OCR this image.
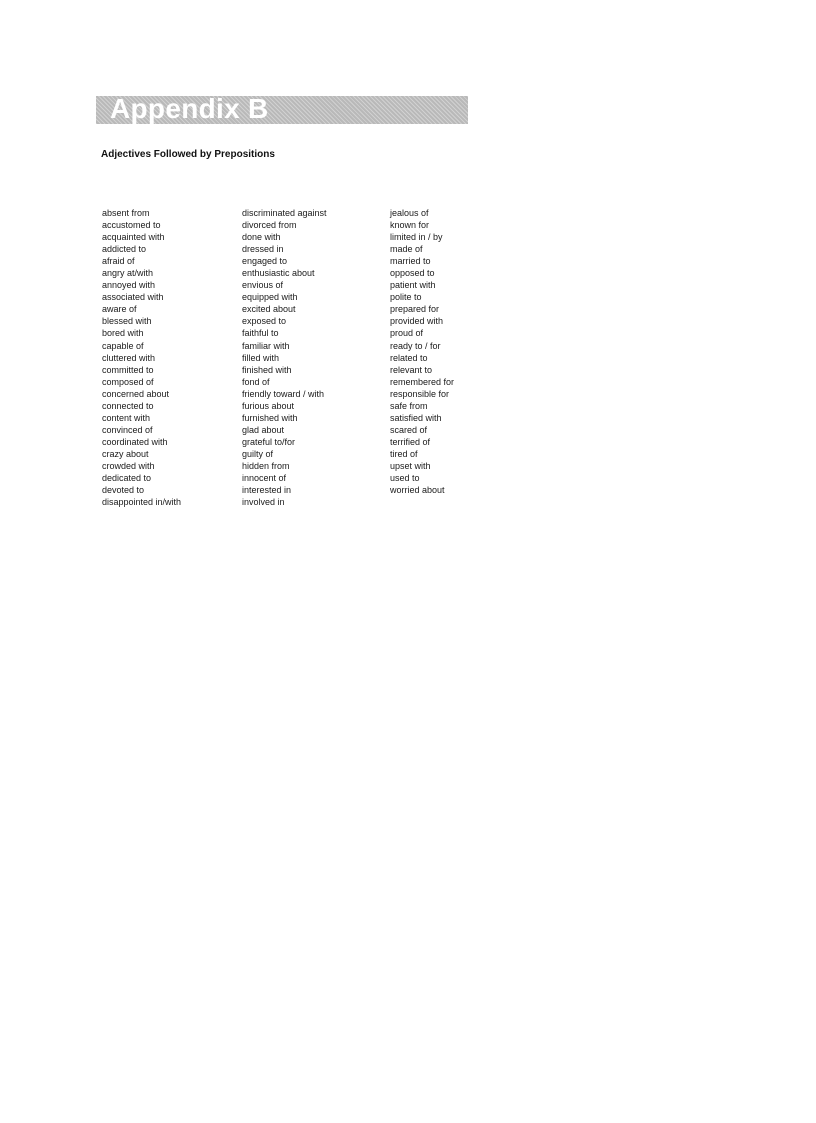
Appendix B
Adjectives Followed by Prepositions
absent from
accustomed to
acquainted with
addicted to
afraid of
angry at/with
annoyed with
associated with
aware of
blessed with
bored with
capable of
cluttered with
committed to
composed of
concerned about
connected to
content with
convinced of
coordinated with
crazy about
crowded with
dedicated to
devoted to
disappointed in/with
discriminated against
divorced from
done with
dressed in
engaged to
enthusiastic about
envious of
equipped with
excited about
exposed to
faithful to
familiar with
filled with
finished with
fond of
friendly toward / with
furious about
furnished with
glad about
grateful to/for
guilty of
hidden from
innocent of
interested in
involved in
jealous of
known for
limited in / by
made of
married to
opposed to
patient with
polite to
prepared for
provided with
proud of
ready to / for
related to
relevant to
remembered for
responsible for
safe from
satisfied with
scared of
terrified of
tired of
upset with
used to
worried about
